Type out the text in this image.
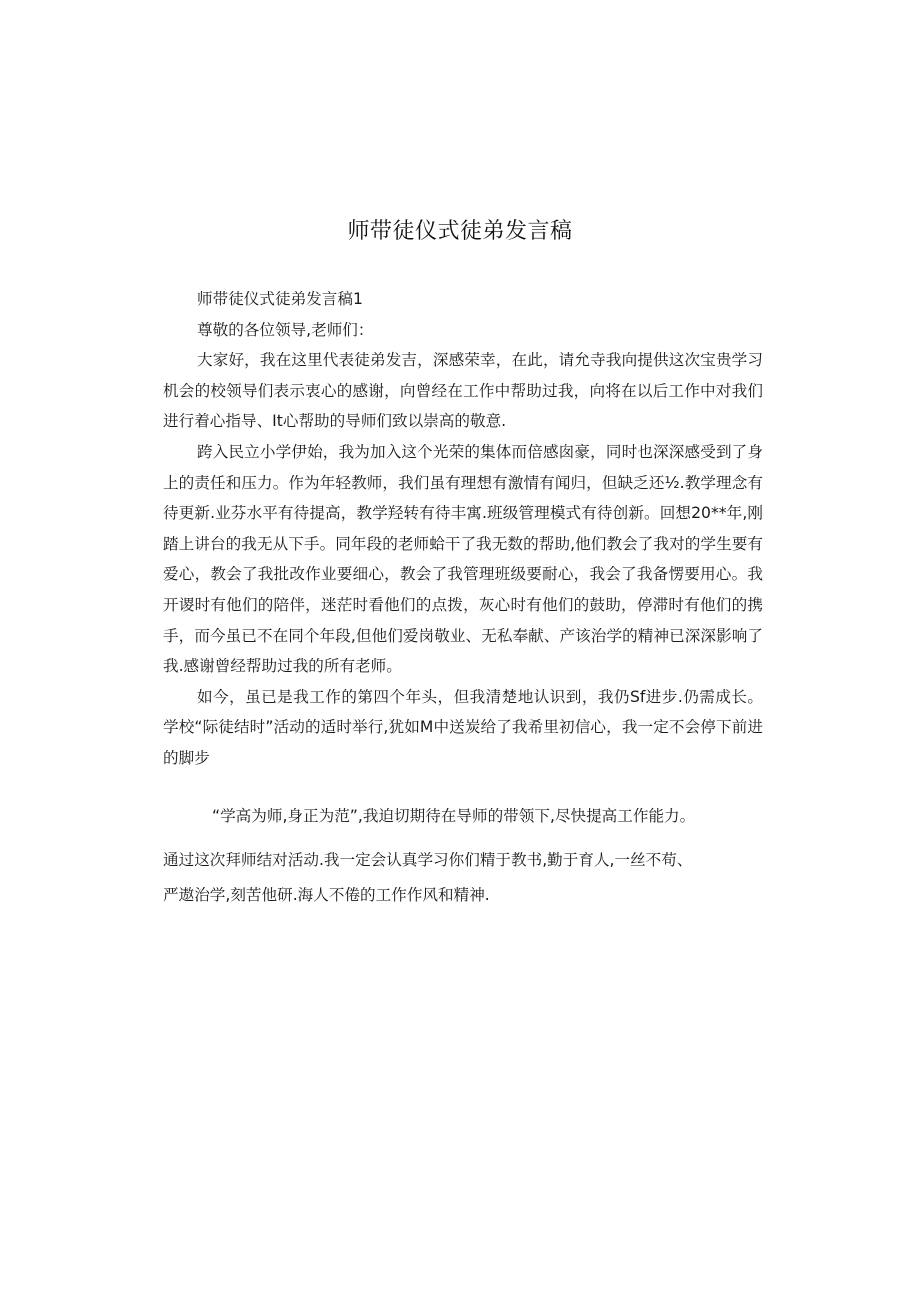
师带徒仪式徒弟发言稿

师带徒仪式徒弟发言稿1

尊敬的各位领导,老师们：

大家好，我在这里代表徒弟发吉，深感荣幸，在此，请允寺我向提供这次宝贵学习机会的校领导们表示衷心的感谢，向曾经在工作中帮助过我，向将在以后工作中对我们进行着心指导、It心帮助的导师们致以崇高的敬意.

跨入民立小学伊始，我为加入这个光荣的集体而倍感囱豪，同时也深深感受到了身上的责任和压力。作为年轻教师，我们虽有理想有激情有闻归，但缺乏还½.教学理念有待更新.业芬水平有待提高，教学羟转有待丰寓.班级管理模式有待创新。回想20**年,刚踏上讲台的我无从下手。同年段的老师蛤干了我无数的帮助,他们教会了我对的学生要有爱心，教会了我批改作业要细心，教会了我管理班级要耐心，我会了我备愣要用心。我开谡时有他们的陪伴，迷茫时看他们的点拨，灰心时有他们的鼓助，停滞时有他们的携手，而今虽已不在同个年段,但他们爱岗敬业、无私奉献、产该治学的精神已深深影响了我.感谢曾经帮助过我的所有老师。

如今，虽已是我工作的第四个年头，但我清楚地认识到，我仍Sf进步.仍需成长。学校“际徒结时”活动的适时举行,犹如M中送炭给了我希里初信心，我一定不会停下前进的脚步

“学高为师,身正为范”,我迫切期待在导师的带领下,尽快提高工作能力。
通过这次拜师结对活动.我一定会认真学习你们精于教书,勤于育人,一丝不苟、
严遨治学,刻苦他研.海人不倦的工作作风和精神.
